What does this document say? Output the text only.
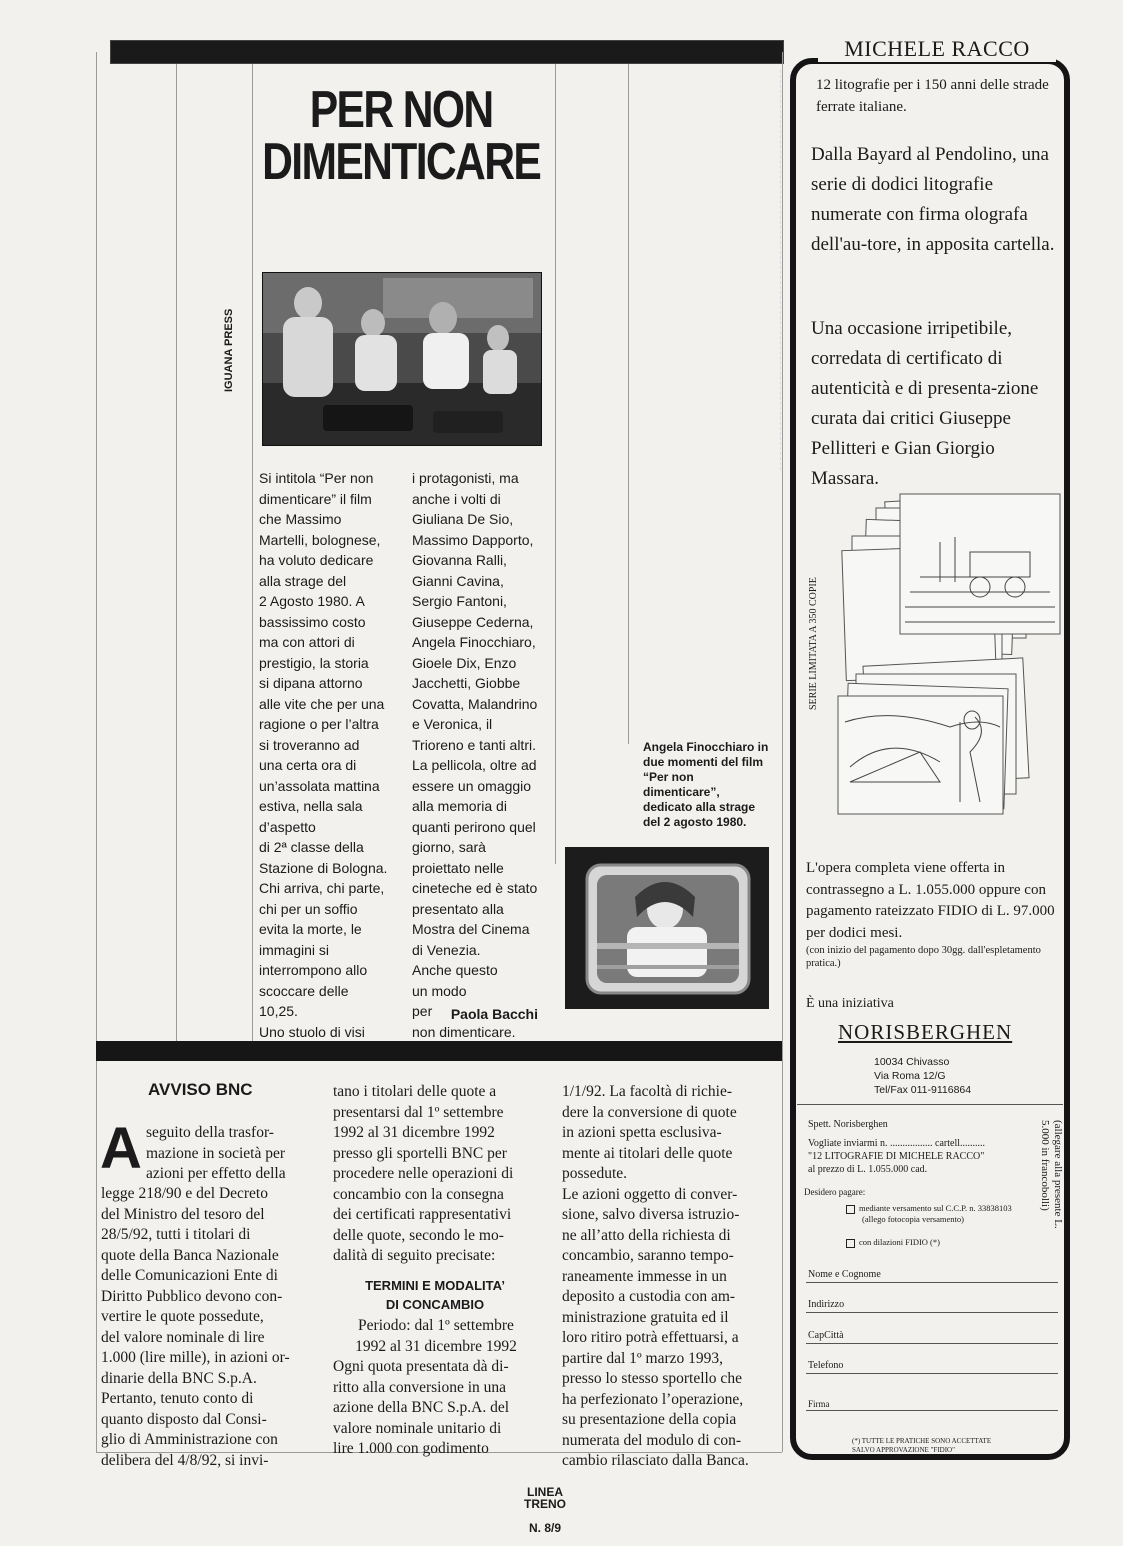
PER NON
DIMENTICARE
IGUANA PRESS
Si intitola “Per non
dimenticare” il film
che Massimo
Martelli, bolognese,
ha voluto dedicare
alla strage del
2 Agosto 1980. A
bassissimo costo
ma con attori di
prestigio, la storia
si dipana attorno
alle vite che per una
ragione o per l’altra
si troveranno ad
una certa ora di
un’assolata mattina
estiva, nella sala
d’aspetto
di 2ª classe della
Stazione di Bologna.
Chi arriva, chi parte,
chi per un soffio
evita la morte, le
immagini si
interrompono allo
scoccare delle
10,25.
Uno stuolo di visi

i protagonisti, ma
anche i volti di
Giuliana De Sio,
Massimo Dapporto,
Giovanna Ralli,
Gianni Cavina,
Sergio Fantoni,
Giuseppe Cederna,
Angela Finocchiaro,
Gioele Dix, Enzo
Jacchetti, Giobbe
Covatta, Malandrino
e Veronica, il
Trioreno e tanti altri.
La pellicola, oltre ad
essere un omaggio
alla memoria di
quanti perirono quel
giorno, sarà
proiettato nelle
cineteche ed è stato
presentato alla
Mostra del Cinema
di Venezia.
Anche questo
un modo
per
non dimenticare.
Paola Bacchi
Angela Finocchiaro in
due momenti del film
“Per non
dimenticare”,
dedicato alla strage
del 2 agosto 1980.
AVVISO BNC
A seguito della trasfor-
mazione in società per
azioni per effetto della
legge 218/90 e del Decreto
del Ministro del tesoro del
28/5/92, tutti i titolari di
quote della Banca Nazionale
delle Comunicazioni Ente di
Diritto Pubblico devono con-
vertire le quote possedute,
del valore nominale di lire
1.000 (lire mille), in azioni or-
dinarie della BNC S.p.A.
Pertanto, tenuto conto di
quanto disposto dal Consi-
glio di Amministrazione con
delibera del 4/8/92, si invi-
tano i titolari delle quote a
presentarsi dal 1º settembre
1992 al 31 dicembre 1992
presso gli sportelli BNC per
procedere nelle operazioni di
concambio con la consegna
dei certificati rappresentativi
delle quote, secondo le mo-
dalità di seguito precisate:
TERMINI E MODALITA’
DI CONCAMBIO
Periodo: dal 1º settembre
1992 al 31 dicembre 1992
Ogni quota presentata dà di-
ritto alla conversione in una
azione della BNC S.p.A. del
valore nominale unitario di
lire 1.000 con godimento
1/1/92. La facoltà di richie-
dere la conversione di quote
in azioni spetta esclusiva-
mente ai titolari delle quote
possedute.
Le azioni oggetto di conver-
sione, salvo diversa istruzio-
ne all’atto della richiesta di
concambio, saranno tempo-
raneamente immesse in un
deposito a custodia con am-
ministrazione gratuita ed il
loro ritiro potrà effettuarsi, a
partire dal 1º marzo 1993,
presso lo stesso sportello che
ha perfezionato l’operazione,
su presentazione della copia
numerata del modulo di con-
cambio rilasciato dalla Banca.

LINEA TRENO

N. 8/9

MICHELE RACCO
12 litografie per i 150 anni delle strade ferrate italiane.
Dalla Bayard al Pendolino, una serie di dodici litografie numerate con firma olografa dell'au-tore, in apposita cartella.
Una occasione irripetibile, corredata di certificato di autenticità e di presenta-zione curata dai critici Giuseppe Pellitteri e Gian Giorgio Massara.
SERIE LIMITATA A 350 COPIE
L'opera completa viene offerta in contrassegno a L. 1.055.000 oppure con pagamento rateizzato FIDIO di L. 97.000 per dodici mesi.
(con inizio del pagamento dopo 30gg. dall'espletamento pratica.)
È una iniziativa
NORISBERGHEN
10034 Chivasso
Via Roma 12/G
Tel/Fax 011-9116864
Spett. Norisberghen
Vogliate inviarmi n. ................. cartell..........
"12 LITOGRAFIE DI MICHELE RACCO"
al prezzo di L. 1.055.000 cad.	(allegare alla presente L. 5.000 in francobolli)
Desidero pagare:
mediante versamento sul C.C.P. n. 33838103
(allego fotocopia versamento)
con dilazioni FIDIO (*)
Nome e Cognome
Indirizzo
CapCittà
Telefono
Firma
(*) TUTTE LE PRATICHE SONO ACCETTATE
SALVO APPROVAZIONE "FIDIO"
